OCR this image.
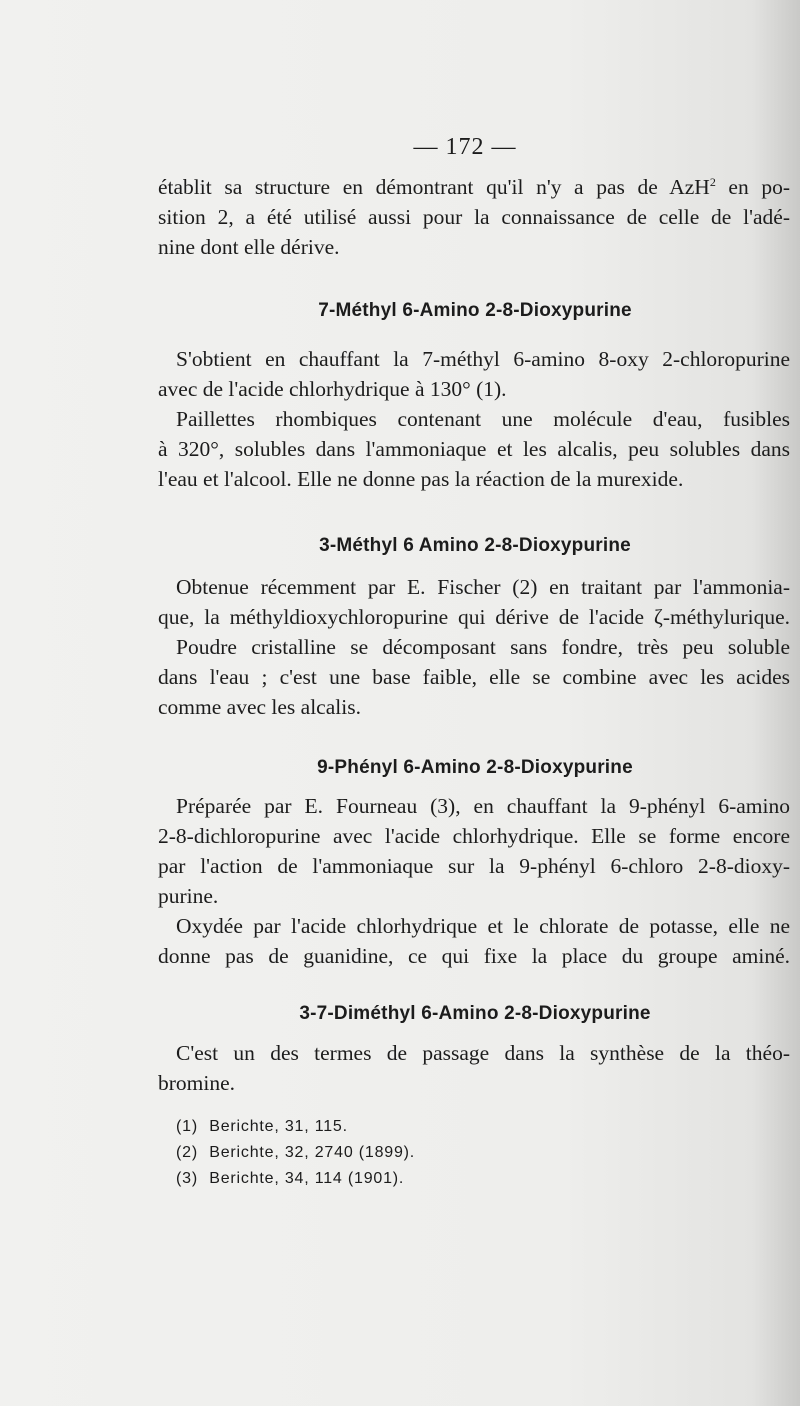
— 172 —
établit sa structure en démontrant qu'il n'y a pas de AzH$^2$ en po-
sition 2, a été utilisé aussi pour la connaissance de celle de l'adé-
nine dont elle dérive.
7-Méthyl 6-Amino 2-8-Dioxypurine
S'obtient en chauffant la 7-méthyl 6-amino 8-oxy 2-chloropurine
avec de l'acide chlorhydrique à 130° (1).
Paillettes rhombiques contenant une molécule d'eau, fusibles
à 320°, solubles dans l'ammoniaque et les alcalis, peu solubles dans
l'eau et l'alcool. Elle ne donne pas la réaction de la murexide.
3-Méthyl 6 Amino 2-8-Dioxypurine
Obtenue récemment par E. Fischer (2) en traitant par l'ammonia-
que, la méthyldioxychloropurine qui dérive de l'acide ζ-méthylurique.
Poudre cristalline se décomposant sans fondre, très peu soluble
dans l'eau ; c'est une base faible, elle se combine avec les acides
comme avec les alcalis.
9-Phényl 6-Amino 2-8-Dioxypurine
Préparée par E. Fourneau (3), en chauffant la 9-phényl 6-amino
2-8-dichloropurine avec l'acide chlorhydrique. Elle se forme encore
par l'action de l'ammoniaque sur la 9-phényl 6-chloro 2-8-dioxy-
purine.
Oxydée par l'acide chlorhydrique et le chlorate de potasse, elle ne
donne pas de guanidine, ce qui fixe la place du groupe aminé.
3-7-Diméthyl 6-Amino 2-8-Dioxypurine
C'est un des termes de passage dans la synthèse de la théo-
bromine.
(1) Berichte, 31, 115.
(2) Berichte, 32, 2740 (1899).
(3) Berichte, 34, 114 (1901).
